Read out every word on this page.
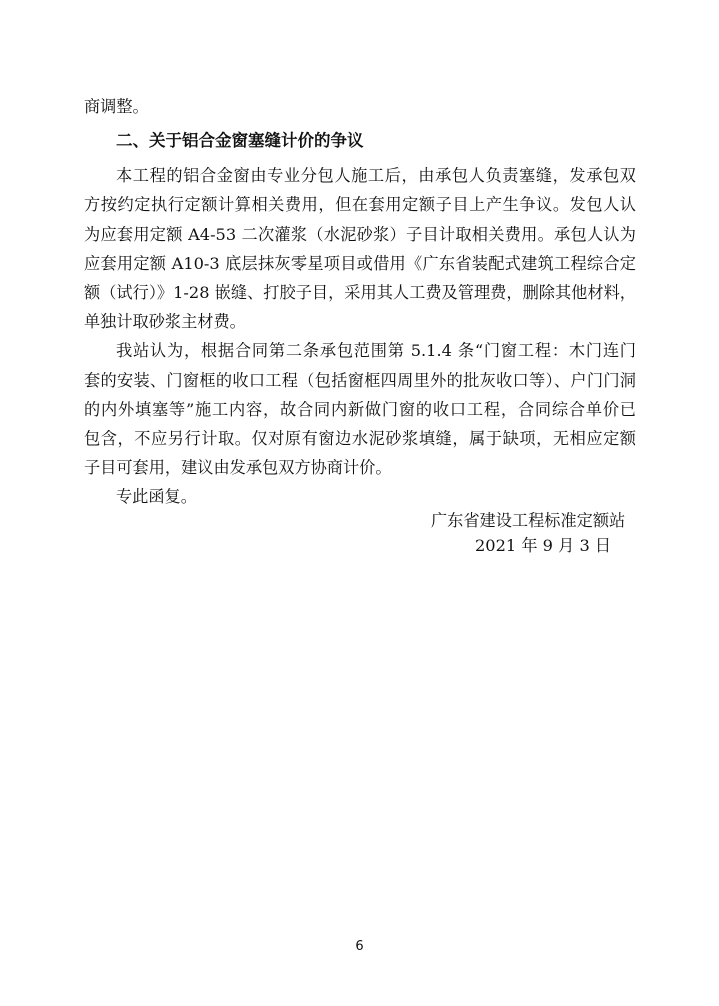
商调整。
二、关于铝合金窗塞缝计价的争议
本工程的铝合金窗由专业分包人施工后，由承包人负责塞缝，发承包双
方按约定执行定额计算相关费用，但在套用定额子目上产生争议。发包人认
为应套用定额 A4-53 二次灌浆（水泥砂浆）子目计取相关费用。承包人认为
应套用定额 A10-3 底层抹灰零星项目或借用《广东省装配式建筑工程综合定
额（试行）》1-28 嵌缝、打胶子目，采用其人工费及管理费，删除其他材料，
单独计取砂浆主材费。
我站认为，根据合同第二条承包范围第 5.1.4 条“门窗工程：木门连门
套的安装、门窗框的收口工程（包括窗框四周里外的批灰收口等）、户门门洞
的内外填塞等”施工内容，故合同内新做门窗的收口工程，合同综合单价已
包含，不应另行计取。仅对原有窗边水泥砂浆填缝，属于缺项，无相应定额
子目可套用，建议由发承包双方协商计价。
专此函复。
广东省建设工程标准定额站
2021 年 9 月 3 日
6
